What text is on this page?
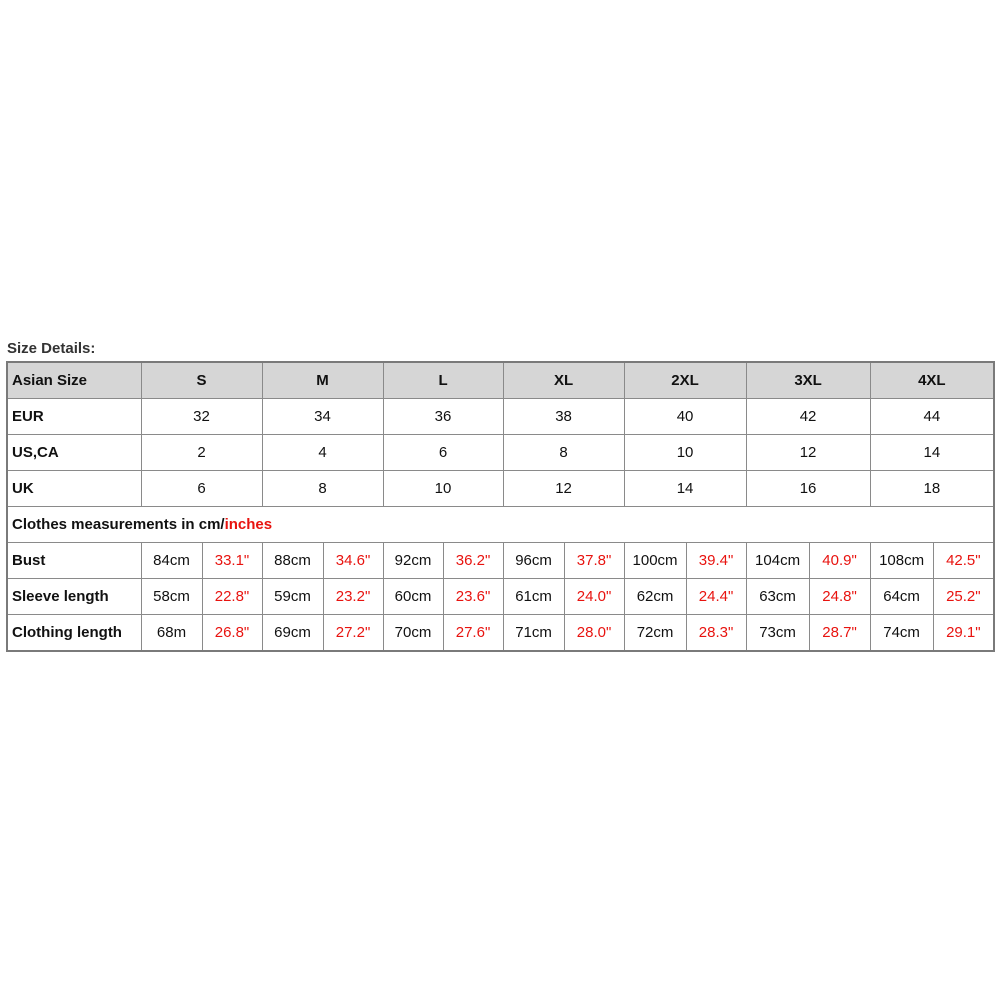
Size Details:
Asian Size	S		M		L		XL		2XL		3XL		4XL	
EUR	32		34		36		38		40		42		44	
US,CA	2		4		6		8		10		12		14	
UK	6		8		10		12		14		16		18	
Clothes measurements in cm/inches														
Bust	84cm	33.1"	88cm	34.6"	92cm	36.2"	96cm	37.8"	100cm	39.4"	104cm	40.9"	108cm	42.5"
Sleeve length	58cm	22.8"	59cm	23.2"	60cm	23.6"	61cm	24.0"	62cm	24.4"	63cm	24.8"	64cm	25.2"
Clothing length	68m	26.8"	69cm	27.2"	70cm	27.6"	71cm	28.0"	72cm	28.3"	73cm	28.7"	74cm	29.1"
